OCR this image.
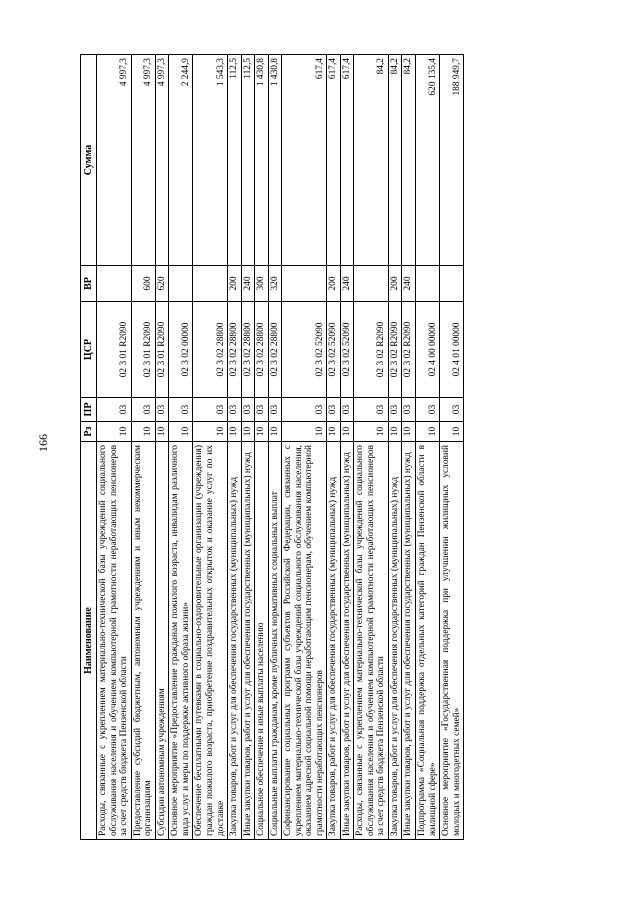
166
Наименование	Рз	ПР	ЦСР	ВР	Сумма
Расходы, связанные с укреплением материально-технической базы учреждений социального обслуживания населения и обучением компьютерной грамотности неработающих пенсионеров за счет средств бюджета Пензенской области	10	03	02 3 01 R2090		4 997,3
Предоставление субсидий бюджетным, автономным учреждениям и иным некоммерческим организациям	10	03	02 3 01 R2090	600	4 997,3
Субсидии автономным учреждениям	10	03	02 3 01 R2090	620	4 997,3
Основное мероприятие «Предоставление гражданам пожилого возраста, инвалидам различного вида услуг и меры по поддержке активного образа жизни»	10	03	02 3 02 00000		2 244,9
Обеспечение бесплатными путевками в социально-оздоровительные организации (учреждения) граждан пожилого возраста, приобретение поздравительных открыток и оказание услуг по их доставке	10	03	02 3 02 28800		1 543,3
Закупка товаров, работ и услуг для обеспечения государственных (муниципальных) нужд	10	03	02 3 02 28800	200	112,5
Иные закупки товаров, работ и услуг для обеспечения государственных (муниципальных) нужд	10	03	02 3 02 28800	240	112,5
Социальное обеспечение и иные выплаты населению	10	03	02 3 02 28800	300	1 430,8
Социальные выплаты гражданам, кроме публичных нормативных социальных выплат	10	03	02 3 02 28800	320	1 430,8
Софинансирование социальных программ субъектов Российской Федерации, связанных с укреплением материально-технической базы учреждений социального обслуживания населения, оказанием адресной социальной помощи неработающим пенсионерам, обучением компьютерной грамотности неработающих пенсионеров	10	03	02 3 02 52090		617,4
Закупка товаров, работ и услуг для обеспечения государственных (муниципальных) нужд	10	03	02 3 02 52090	200	617,4
Иные закупки товаров, работ и услуг для обеспечения государственных (муниципальных) нужд	10	03	02 3 02 52090	240	617,4
Расходы, связанные с укреплением материально-технической базы учреждений социального обслуживания населения и обучением компьютерной грамотности неработающих пенсионеров за счет средств бюджета Пензенской области	10	03	02 3 02 R2090		84,2
Закупка товаров, работ и услуг для обеспечения государственных (муниципальных) нужд	10	03	02 3 02 R2090	200	84,2
Иные закупки товаров, работ и услуг для обеспечения государственных (муниципальных) нужд	10	03	02 3 02 R2090	240	84,2
Подпрограмма «Социальная поддержка отдельных категорий граждан Пензенской области в жилищной сфере»	10	03	02 4 00 00000		620 135,4
Основное мероприятие «Государственная поддержка при улучшении жилищных условий молодых и многодетных семей»	10	03	02 4 01 00000		188 949,7
